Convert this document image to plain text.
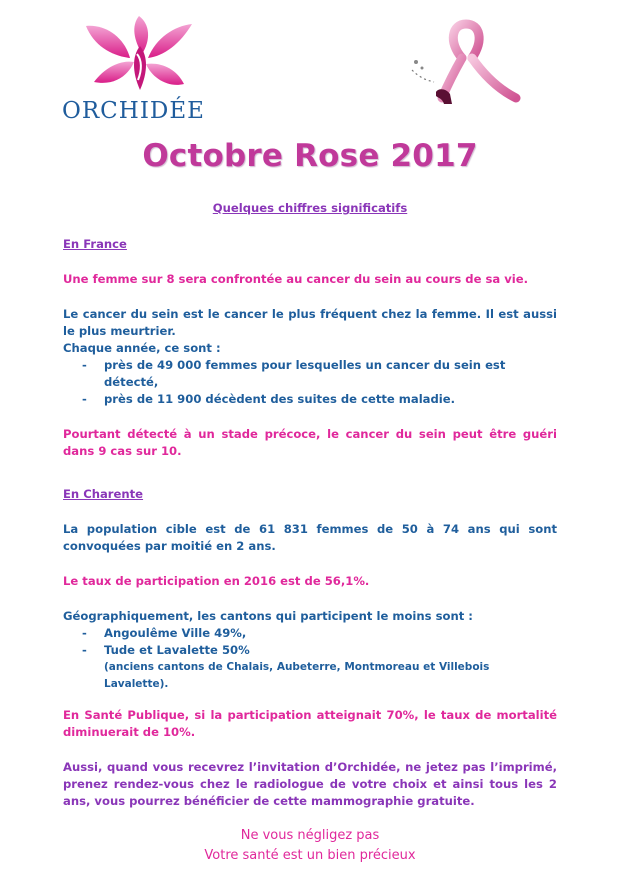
ORCHIDÉE
Octobre Rose 2017
Quelques chiffres significatifs
En France

Une femme sur 8 sera confrontée au cancer du sein au cours de sa vie.

Le cancer du sein est le cancer le plus fréquent chez la femme. Il est aussi le plus meurtrier.
Chaque année, ce sont :
- près de 49 000 femmes pour lesquelles un cancer du sein est détecté,
- près de 11 900 décèdent des suites de cette maladie.

Pourtant détecté à un stade précoce, le cancer du sein peut être guéri dans 9 cas sur 10.

En Charente

La population cible est de 61 831 femmes de 50 à 74 ans qui sont convoquées par moitié en 2 ans.

Le taux de participation en 2016 est de 56,1%.

Géographiquement, les cantons qui participent le moins sont :
- Angoulême Ville 49%,
- Tude et Lavalette 50%
(anciens cantons de Chalais, Aubeterre, Montmoreau et Villebois Lavalette).

En Santé Publique, si la participation atteignait 70%, le taux de mortalité diminuerait de 10%.

Aussi, quand vous recevrez l’invitation d’Orchidée, ne jetez pas l’imprimé, prenez rendez-vous chez le radiologue de votre choix et ainsi tous les 2 ans, vous pourrez bénéficier de cette mammographie gratuite.

Ne vous négligez pas
Votre santé est un bien précieux
